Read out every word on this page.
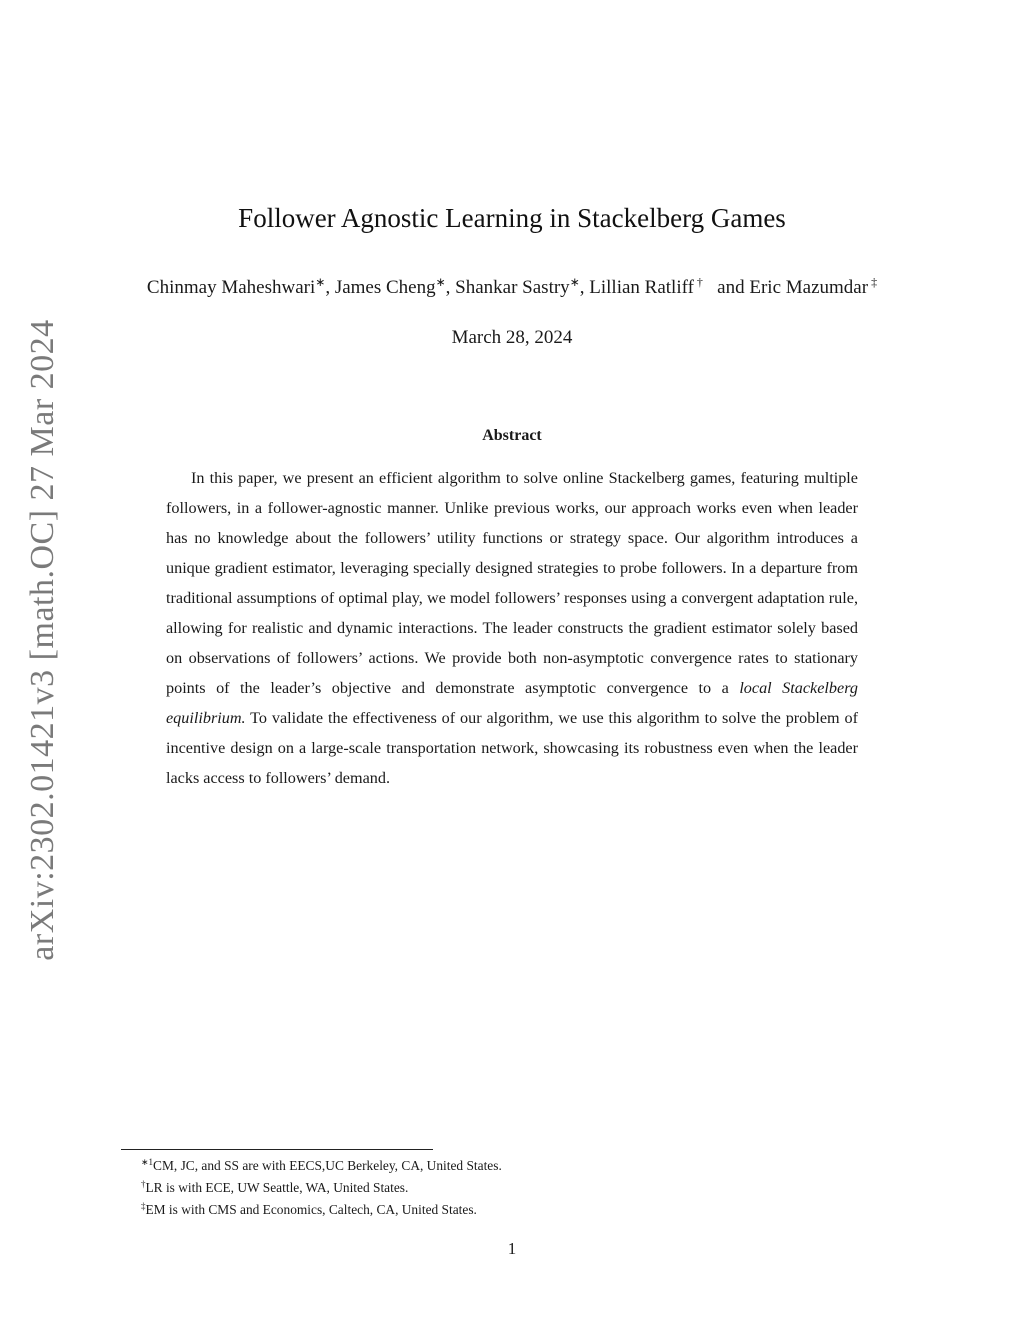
arXiv:2302.01421v3 [math.OC] 27 Mar 2024
Follower Agnostic Learning in Stackelberg Games
Chinmay Maheshwari∗, James Cheng∗, Shankar Sastry∗, Lillian Ratliff †   and Eric Mazumdar ‡
March 28, 2024
Abstract
In this paper, we present an efficient algorithm to solve online Stackelberg games, featuring multiple followers, in a follower-agnostic manner. Unlike previous works, our approach works even when leader has no knowledge about the followers’ utility functions or strategy space. Our algorithm introduces a unique gradient estimator, leveraging specially designed strategies to probe followers. In a departure from traditional assumptions of optimal play, we model followers’ responses using a convergent adaptation rule, allowing for realistic and dynamic interactions. The leader constructs the gradient estimator solely based on observations of followers’ actions. We provide both non-asymptotic convergence rates to stationary points of the leader’s objective and demonstrate asymptotic convergence to a local Stackelberg equilibrium. To validate the effectiveness of our algorithm, we use this algorithm to solve the problem of incentive design on a large-scale transportation network, showcasing its robustness even when the leader lacks access to followers’ demand.
$^{∗1}$CM, JC, and SS are with EECS,UC Berkeley, CA, United States.
†LR is with ECE, UW Seattle, WA, United States.
‡EM is with CMS and Economics, Caltech, CA, United States.
1
